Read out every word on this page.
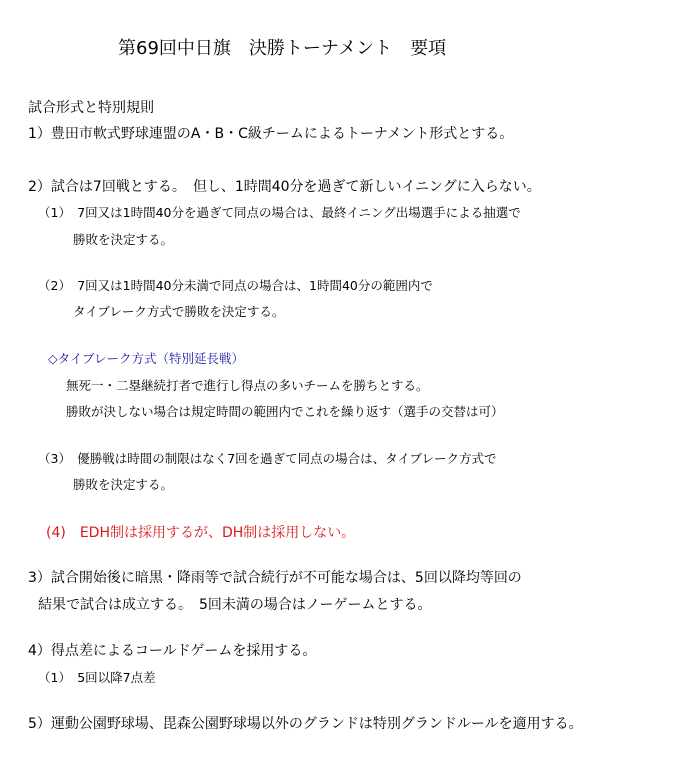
第69回中日旗　決勝トーナメント　要項
試合形式と特別規則
1）豊田市軟式野球連盟のA・B・C級チームによるトーナメント形式とする。
2）試合は7回戦とする。　但し、1時間40分を過ぎて新しいイニングに入らない。
（1）　7回又は1時間40分を過ぎて同点の場合は、最終イニング出場選手による抽選で
勝敗を決定する。
（2）　7回又は1時間40分未満で同点の場合は、1時間40分の範囲内で
タイブレーク方式で勝敗を決定する。
◇タイブレーク方式（特別延長戦）
無死一・二塁継続打者で進行し得点の多いチームを勝ちとする。
勝敗が決しない場合は規定時間の範囲内でこれを繰り返す（選手の交替は可）
（3）　優勝戦は時間の制限はなく7回を過ぎて同点の場合は、タイブレーク方式で
勝敗を決定する。
(4)　EDH制は採用するが、DH制は採用しない。
3）試合開始後に暗黒・降雨等で試合続行が不可能な場合は、5回以降均等回の
結果で試合は成立する。　5回未満の場合はノーゲームとする。
4）得点差によるコールドゲームを採用する。
（1）　5回以降7点差
5）運動公園野球場、毘森公園野球場以外のグランドは特別グランドルールを適用する。
